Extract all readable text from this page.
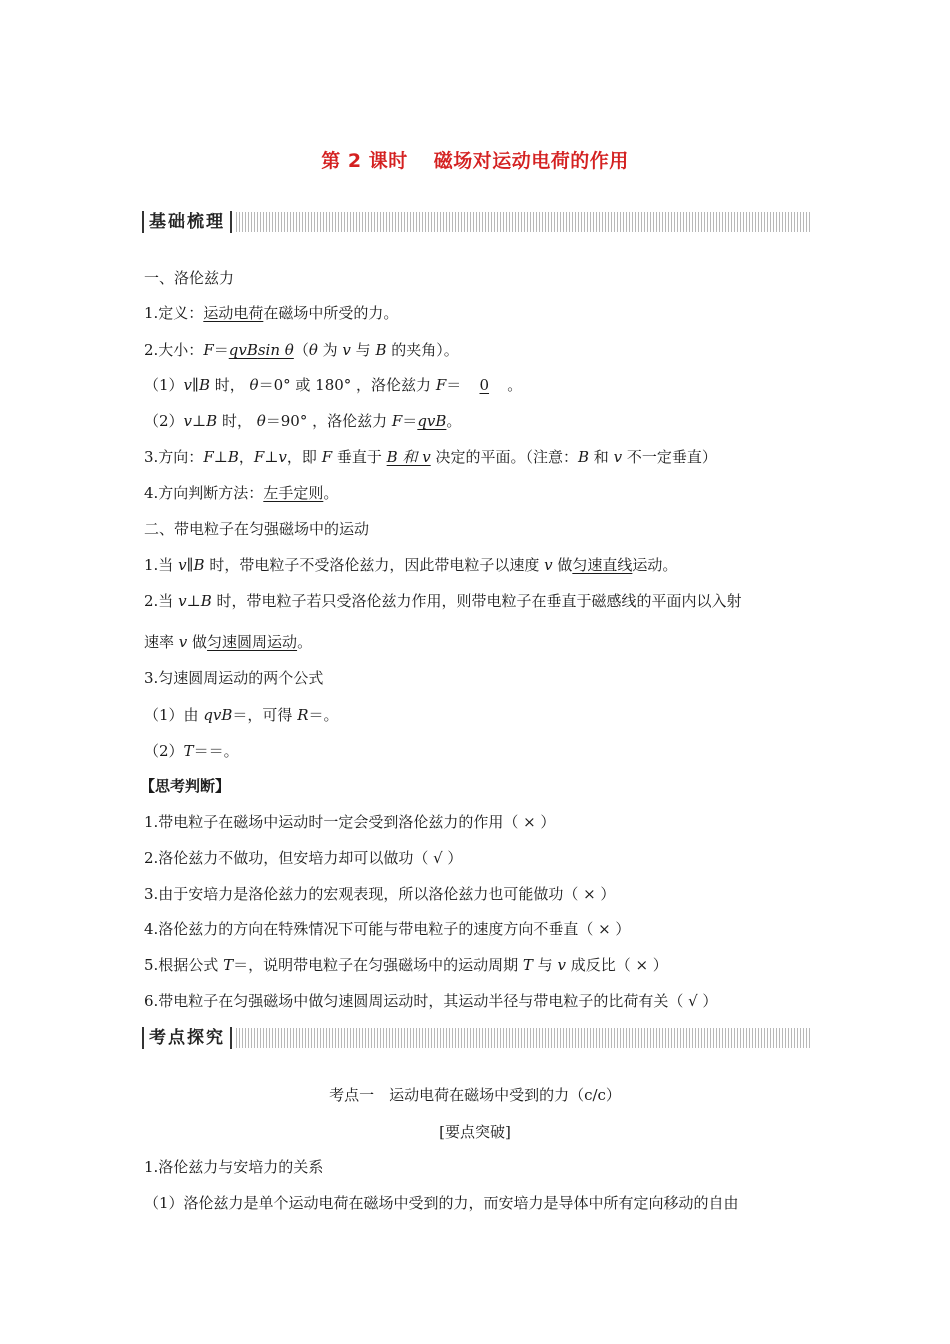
第 2 课时 磁场对运动电荷的作用
基础梳理
一、洛伦兹力
1.定义：运动电荷在磁场中所受的力。
2.大小：F＝qvBsin θ（θ 为 v 与 B 的夹角）。
（1）v∥B 时， θ＝0° 或 180° ，洛伦兹力 F＝ 0 。
（2）v⊥B 时， θ＝90° ，洛伦兹力 F＝qvB。
3.方向：F⊥B，F⊥v，即 F 垂直于 B 和 v 决定的平面。（注意：B 和 v 不一定垂直）
4.方向判断方法：左手定则。
二、带电粒子在匀强磁场中的运动
1.当 v∥B 时，带电粒子不受洛伦兹力，因此带电粒子以速度 v 做匀速直线运动。
2.当 v⊥B 时，带电粒子若只受洛伦兹力作用，则带电粒子在垂直于磁感线的平面内以入射
速率 v 做匀速圆周运动。
3.匀速圆周运动的两个公式
（1）由 qvB＝，可得 R＝。
（2）T＝＝。
【思考判断】
1.带电粒子在磁场中运动时一定会受到洛伦兹力的作用（ × ）
2.洛伦兹力不做功，但安培力却可以做功（ √ ）
3.由于安培力是洛伦兹力的宏观表现，所以洛伦兹力也可能做功（ × ）
4.洛伦兹力的方向在特殊情况下可能与带电粒子的速度方向不垂直（ × ）
5.根据公式 T＝，说明带电粒子在匀强磁场中的运动周期 T 与 v 成反比（ × ）
6.带电粒子在匀强磁场中做匀速圆周运动时，其运动半径与带电粒子的比荷有关（ √ ）
考点探究
考点一　运动电荷在磁场中受到的力（c/c）
[要点突破]
1.洛伦兹力与安培力的关系
（1）洛伦兹力是单个运动电荷在磁场中受到的力，而安培力是导体中所有定向移动的自由
